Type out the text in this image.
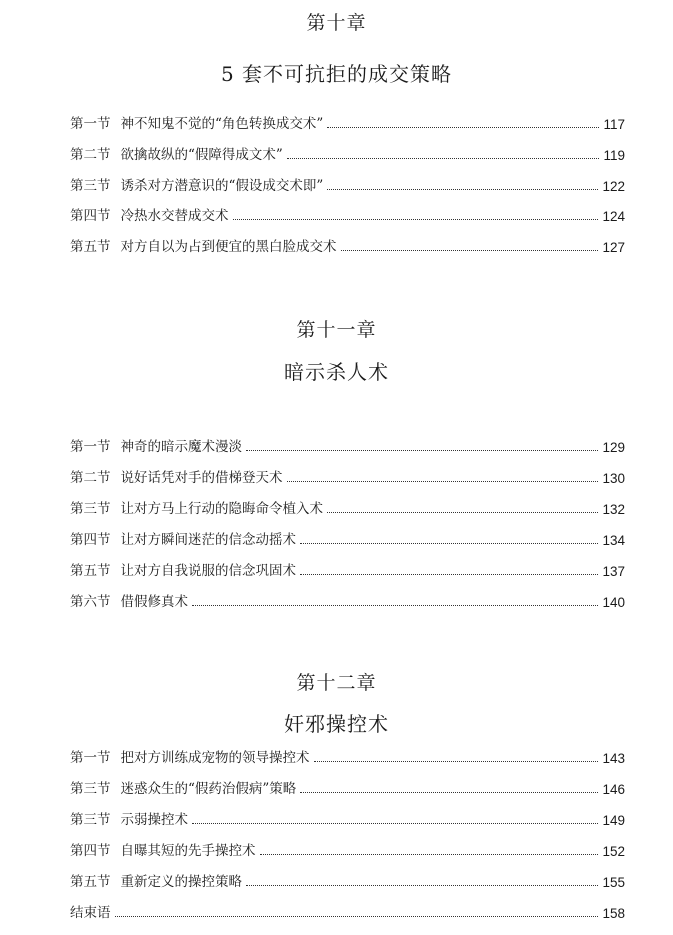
第十章
5 套不可抗拒的成交策略
第一节 神不知鬼不觉的“角色转换成交术”	117
第二节 欲擒故纵的“假障得成文术”	119
第三节 诱杀对方潜意识的“假设成交术即”	122
第四节 冷热水交替成交术	124
第五节 对方自以为占到便宜的黑白脸成交术	127
第十一章
暗示杀人术
第一节 神奇的暗示魔术漫淡	129
第二节 说好话凭对手的借梯登天术	130
第三节 让对方马上行动的隐晦命令植入术	132
第四节 让对方瞬间迷茫的信念动摇术	134
第五节 让对方自我说服的信念巩固术	137
第六节 借假修真术	140
第十二章
奸邪操控术
第一节 把对方训练成宠物的领导操控术	143
第三节 迷惑众生的“假药治假病”策略	146
第三节 示弱操控术	149
第四节 自曝其短的先手操控术	152
第五节 重新定义的操控策略	155
结束语	158
